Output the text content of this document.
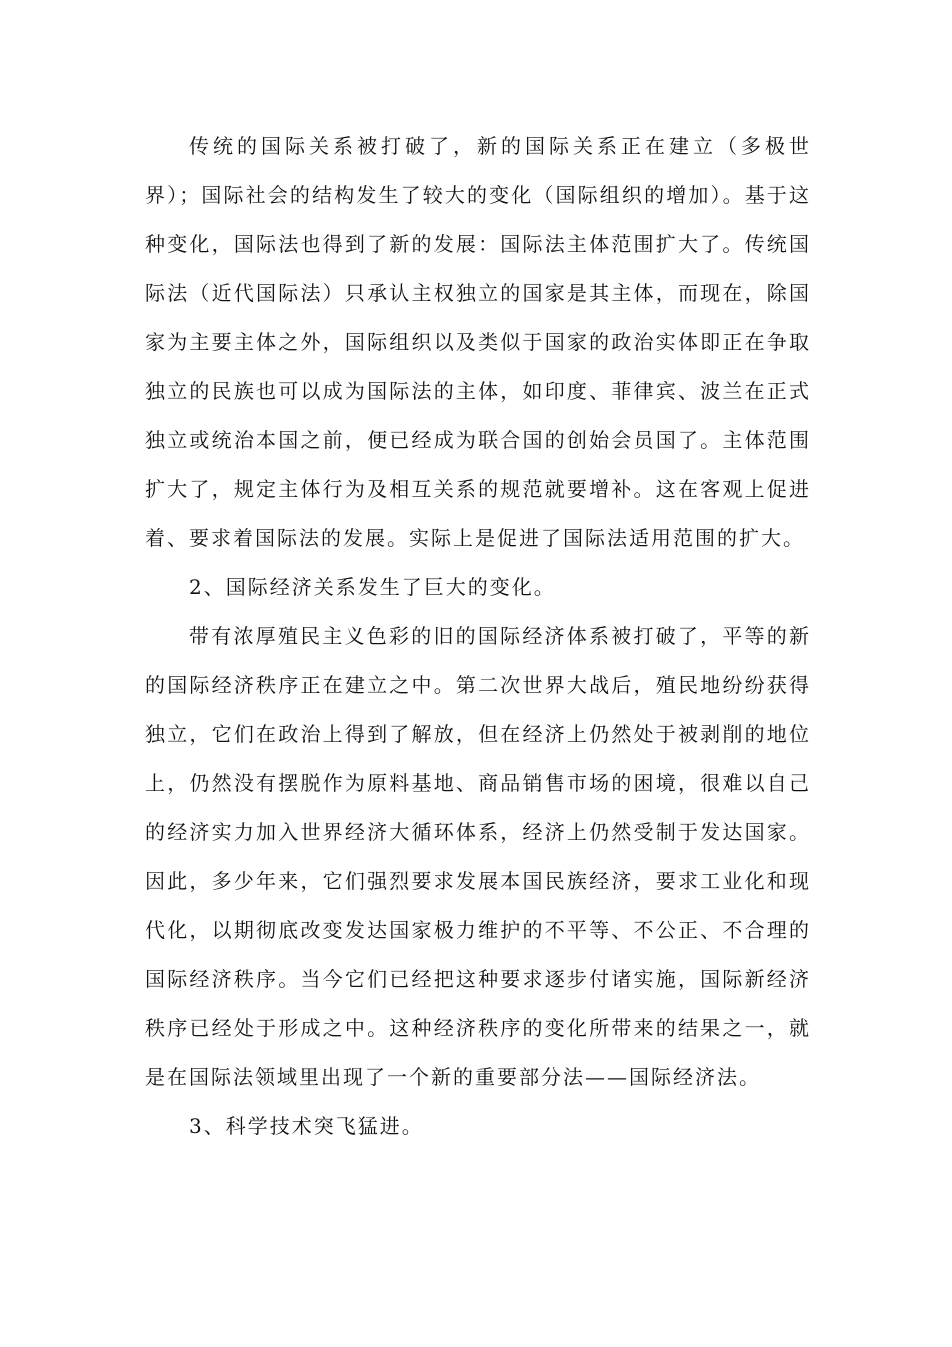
传统的国际关系被打破了，新的国际关系正在建立（多极世界）；国际社会的结构发生了较大的变化（国际组织的增加）。基于这种变化，国际法也得到了新的发展：国际法主体范围扩大了。传统国际法（近代国际法）只承认主权独立的国家是其主体，而现在，除国家为主要主体之外，国际组织以及类似于国家的政治实体即正在争取独立的民族也可以成为国际法的主体，如印度、菲律宾、波兰在正式独立或统治本国之前，便已经成为联合国的创始会员国了。主体范围扩大了，规定主体行为及相互关系的规范就要增补。这在客观上促进着、要求着国际法的发展。实际上是促进了国际法适用范围的扩大。

2、国际经济关系发生了巨大的变化。

带有浓厚殖民主义色彩的旧的国际经济体系被打破了，平等的新的国际经济秩序正在建立之中。第二次世界大战后，殖民地纷纷获得独立，它们在政治上得到了解放，但在经济上仍然处于被剥削的地位上，仍然没有摆脱作为原料基地、商品销售市场的困境，很难以自己的经济实力加入世界经济大循环体系，经济上仍然受制于发达国家。因此，多少年来，它们强烈要求发展本国民族经济，要求工业化和现代化，以期彻底改变发达国家极力维护的不平等、不公正、不合理的国际经济秩序。当今它们已经把这种要求逐步付诸实施，国际新经济秩序已经处于形成之中。这种经济秩序的变化所带来的结果之一，就是在国际法领域里出现了一个新的重要部分法——国际经济法。

3、科学技术突飞猛进。
